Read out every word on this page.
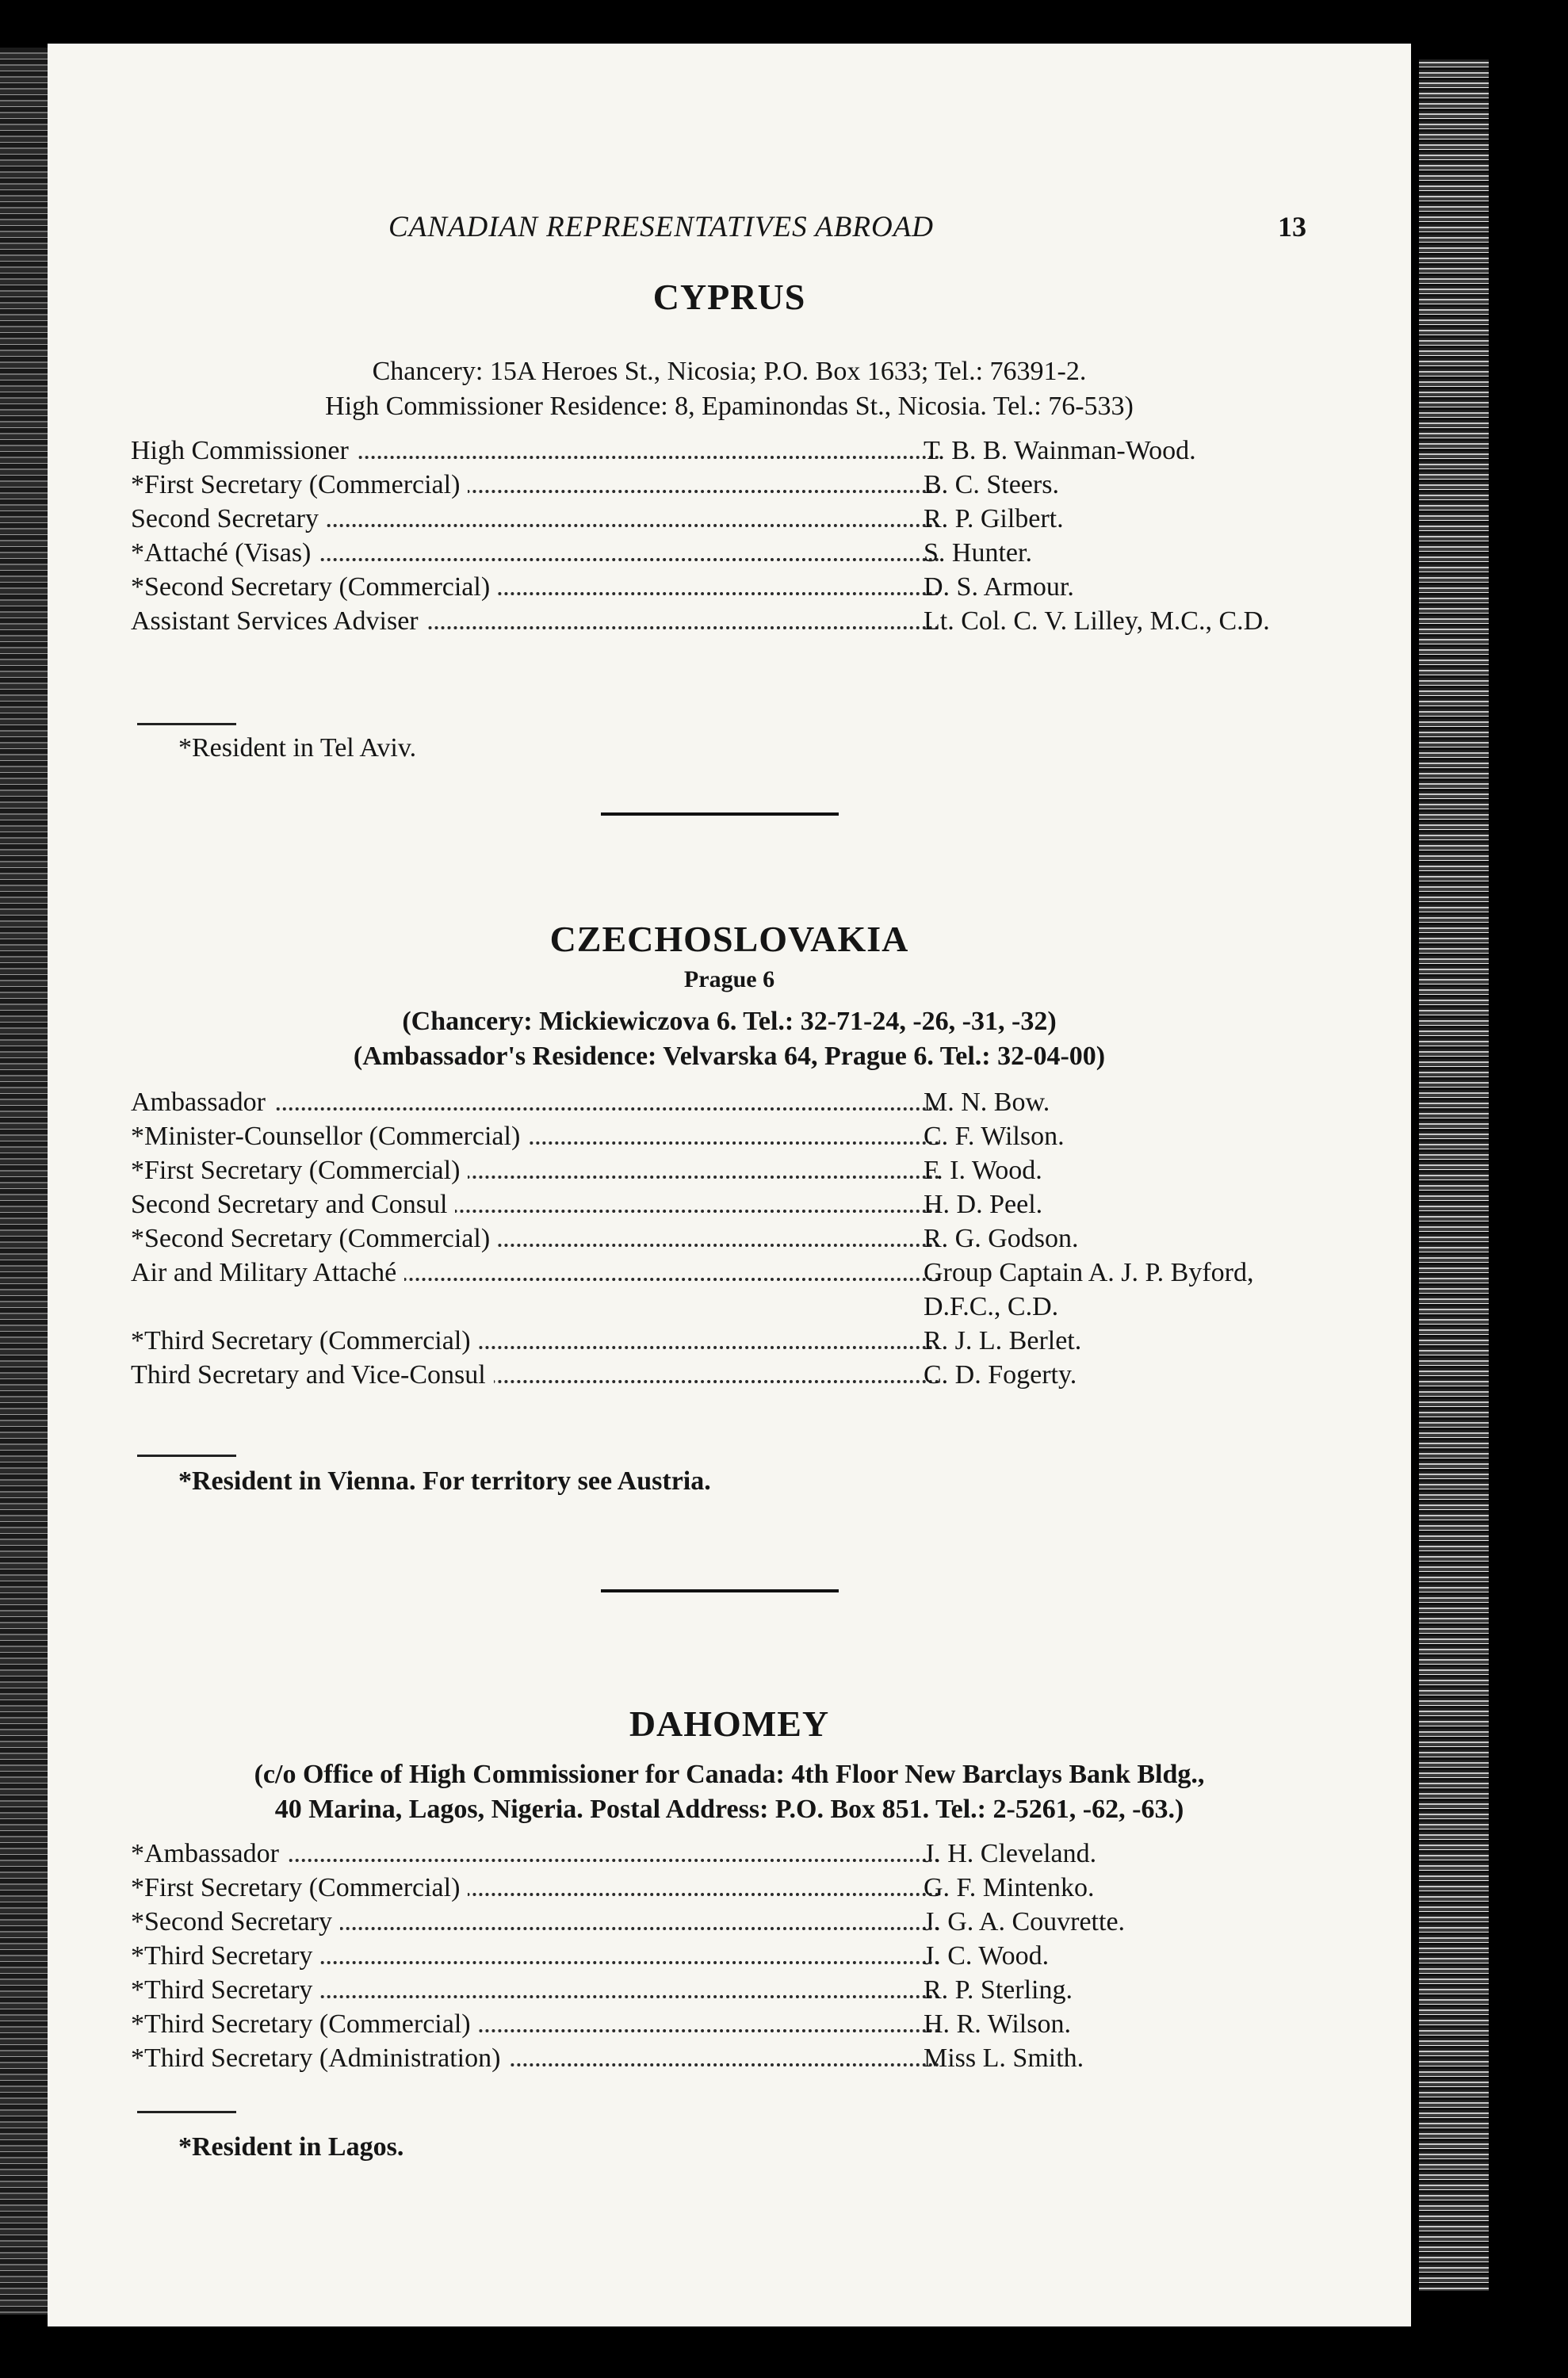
CANADIAN REPRESENTATIVES ABROAD	13
CYPRUS

Chancery: 15A Heroes St., Nicosia; P.O. Box 1633; Tel.: 76391-2.

High Commissioner Residence: 8, Epaminondas St., Nicosia. Tel.: 76-533)

High Commissioner	T. B. B. Wainman-Wood.
*First Secretary (Commercial)	B. C. Steers.
Second Secretary	R. P. Gilbert.
*Attaché (Visas)	S. Hunter.
*Second Secretary (Commercial)	D. S. Armour.
Assistant Services Adviser	Lt. Col. C. V. Lilley, M.C., C.D.
*Resident in Tel Aviv.
CZECHOSLOVAKIA
Prague 6

(Chancery: Mickiewiczova 6. Tel.: 32-71-24, -26, -31, -32)

(Ambassador's Residence: Velvarska 64, Prague 6. Tel.: 32-04-00)

Ambassador	M. N. Bow.
*Minister-Counsellor (Commercial)	C. F. Wilson.
*First Secretary (Commercial)	F. I. Wood.
Second Secretary and Consul	H. D. Peel.
*Second Secretary (Commercial)	R. G. Godson.
Air and Military Attaché	Group Captain A. J. P. Byford, D.F.C., C.D.
*Third Secretary (Commercial)	R. J. L. Berlet.
Third Secretary and Vice-Consul	C. D. Fogerty.
*Resident in Vienna. For territory see Austria.
DAHOMEY

(c/o Office of High Commissioner for Canada: 4th Floor New Barclays Bank Bldg.,

40 Marina, Lagos, Nigeria. Postal Address: P.O. Box 851. Tel.: 2-5261, -62, -63.)

*Ambassador	J. H. Cleveland.
*First Secretary (Commercial)	G. F. Mintenko.
*Second Secretary	J. G. A. Couvrette.
*Third Secretary	J. C. Wood.
*Third Secretary	R. P. Sterling.
*Third Secretary (Commercial)	H. R. Wilson.
*Third Secretary (Administration)	Miss L. Smith.
*Resident in Lagos.
